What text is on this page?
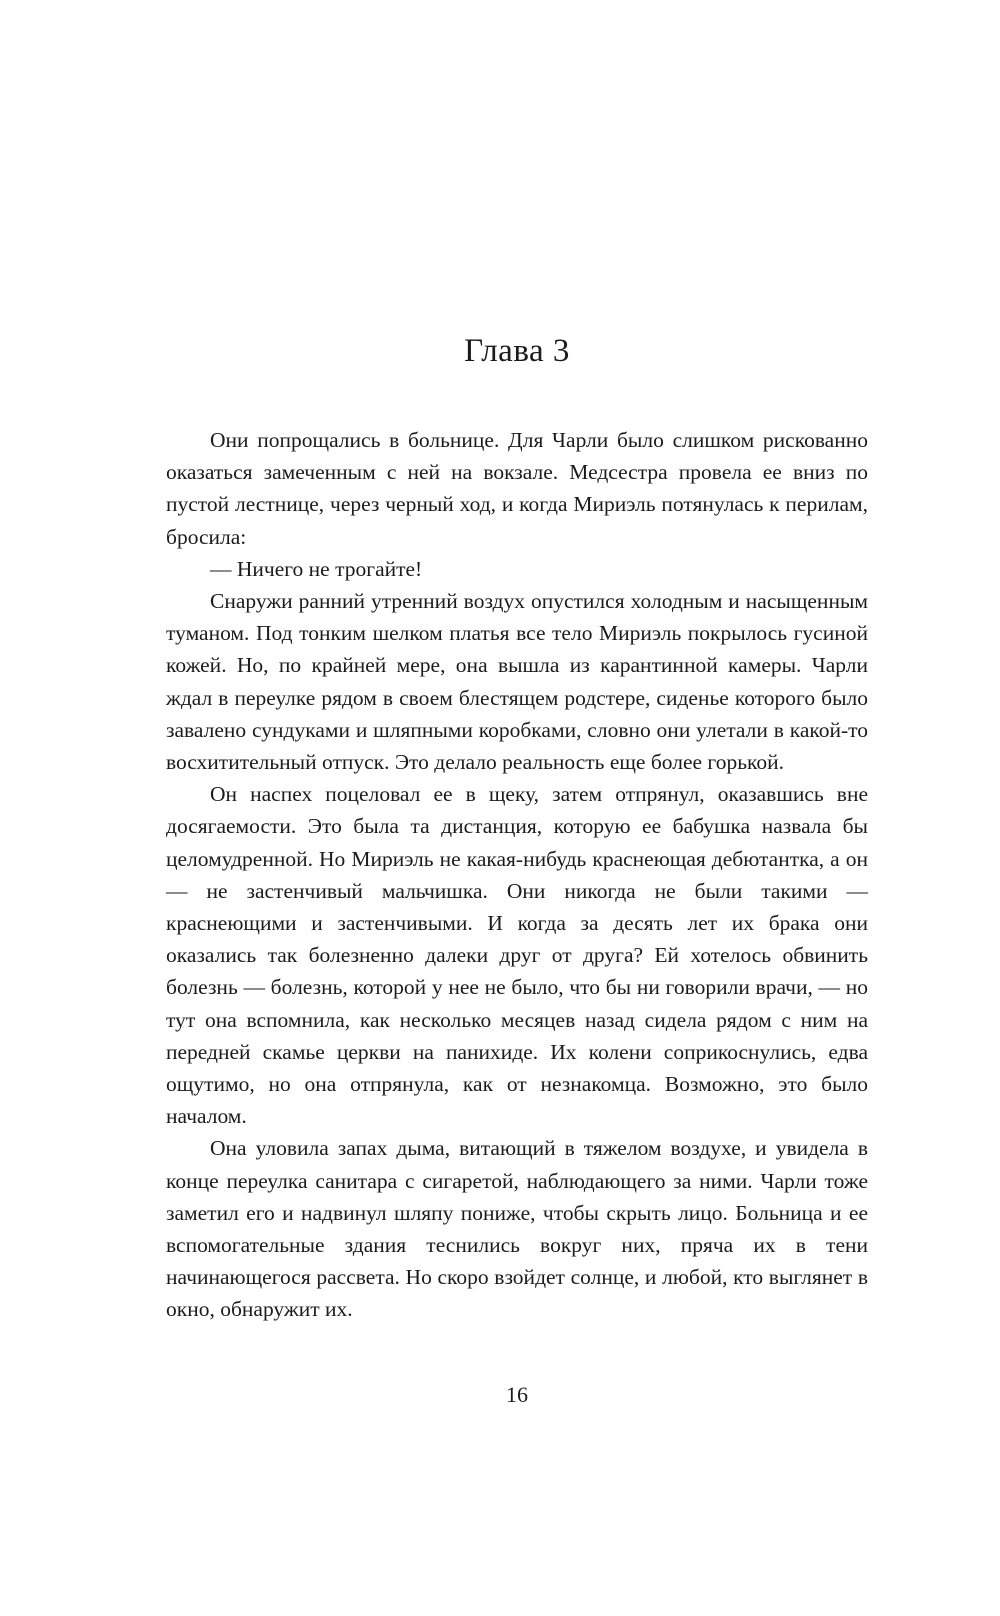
Глава 3

Они попрощались в больнице. Для Чарли было слишком рискованно оказаться замеченным с ней на вокзале. Медсестра провела ее вниз по пустой лестнице, через черный ход, и когда Мириэль потянулась к перилам, бросила:

— Ничего не трогайте!

Снаружи ранний утренний воздух опустился холодным и насыщенным туманом. Под тонким шелком платья все тело Мириэль покрылось гусиной кожей. Но, по крайней мере, она вышла из карантинной камеры. Чарли ждал в переулке рядом в своем блестящем родстере, сиденье которого было завалено сундуками и шляпными коробками, словно они улетали в какой-то восхитительный отпуск. Это делало реальность еще более горькой.

Он наспех поцеловал ее в щеку, затем отпрянул, оказавшись вне досягаемости. Это была та дистанция, которую ее бабушка назвала бы целомудренной. Но Мириэль не какая-нибудь краснеющая дебютантка, а он — не застенчивый мальчишка. Они никогда не были такими — краснеющими и застенчивыми. И когда за десять лет их брака они оказались так болезненно далеки друг от друга? Ей хотелось обвинить болезнь — болезнь, которой у нее не было, что бы ни говорили врачи, — но тут она вспомнила, как несколько месяцев назад сидела рядом с ним на передней скамье церкви на панихиде. Их колени соприкоснулись, едва ощутимо, но она отпрянула, как от незнакомца. Возможно, это было началом.

Она уловила запах дыма, витающий в тяжелом воздухе, и увидела в конце переулка санитара с сигаретой, наблюдающего за ними. Чарли тоже заметил его и надвинул шляпу пониже, чтобы скрыть лицо. Больница и ее вспомогательные здания теснились вокруг них, пряча их в тени начинающегося рассвета. Но скоро взойдет солнце, и любой, кто выглянет в окно, обнаружит их.

16
